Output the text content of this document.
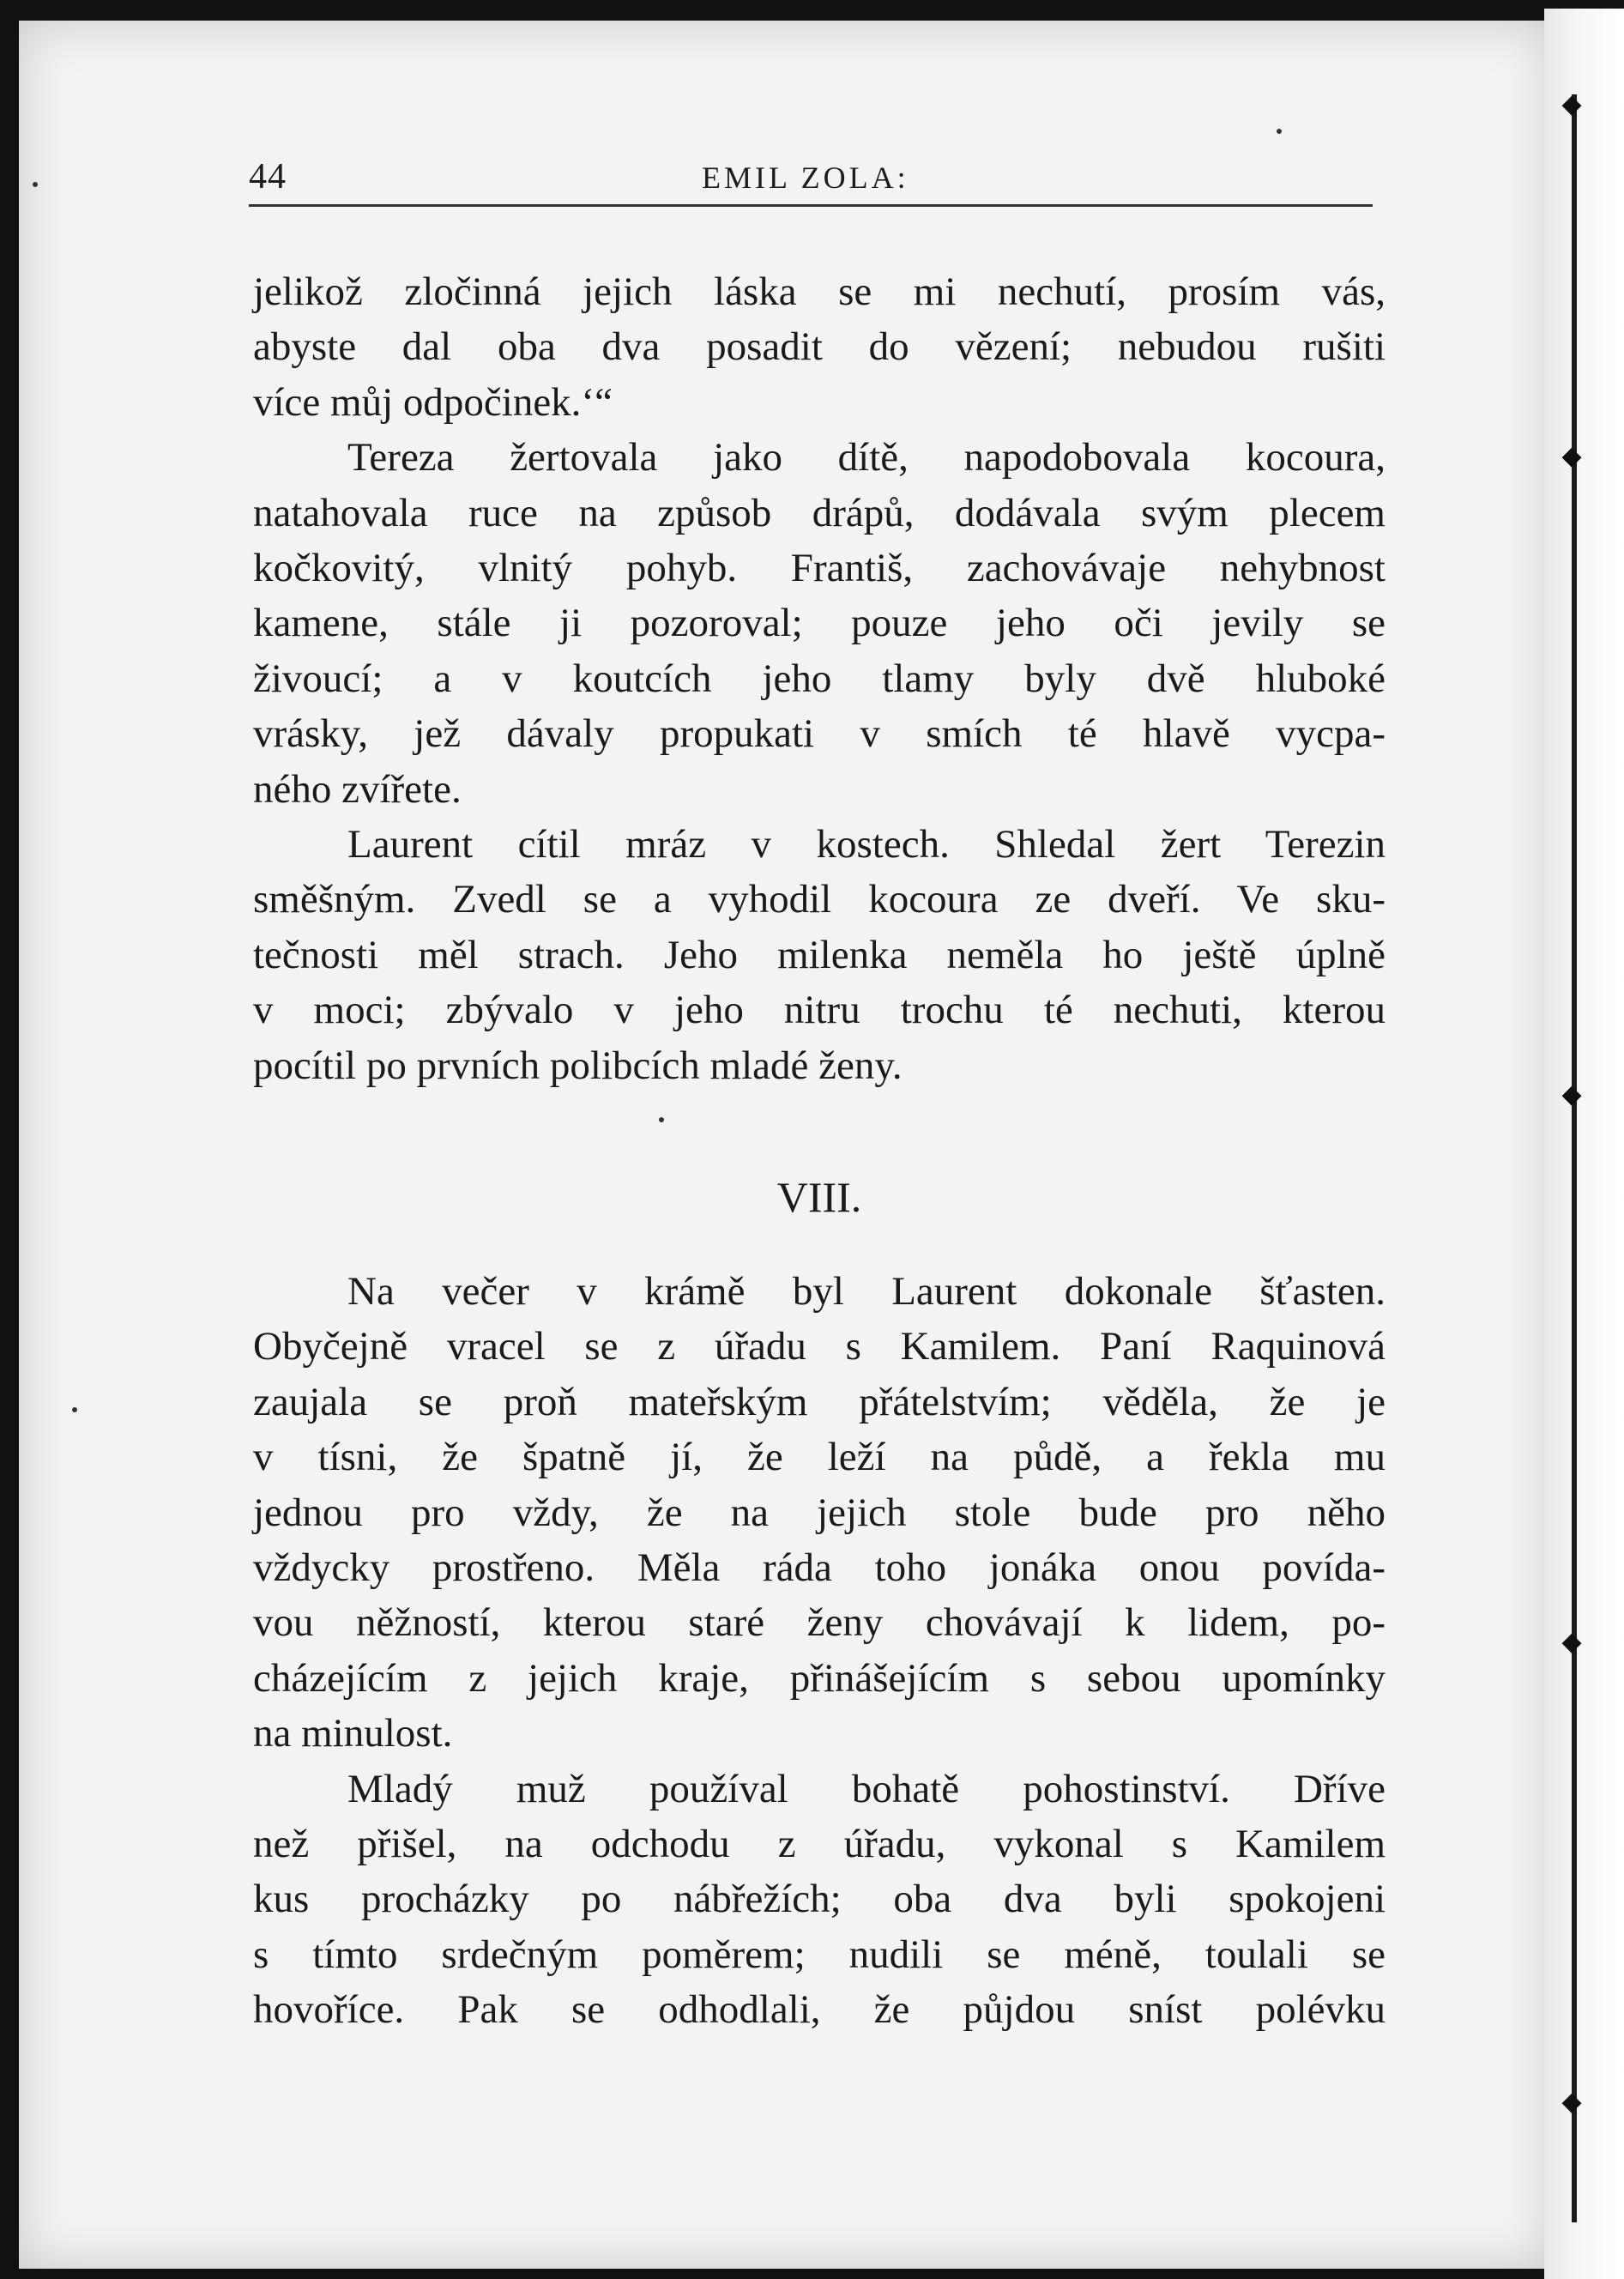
◆
◆
◆
◆
◆
44	EMIL ZOLA:
jelikož zločinná jejich láska se mi nechutí, prosím vás,
abyste dal oba dva posadit do vězení; nebudou rušiti
více můj odpočinek.‘“
Tereza žertovala jako dítě, napodobovala kocoura,
natahovala ruce na způsob drápů, dodávala svým plecem
kočkovitý, vlnitý pohyb. Františ, zachovávaje nehybnost
kamene, stále ji pozoroval; pouze jeho oči jevily se
živoucí; a v koutcích jeho tlamy byly dvě hluboké
vrásky, jež dávaly propukati v smích té hlavě vycpa-
ného zvířete.
Laurent cítil mráz v kostech. Shledal žert Terezin
směšným. Zvedl se a vyhodil kocoura ze dveří. Ve sku-
tečnosti měl strach. Jeho milenka neměla ho ještě úplně
v moci; zbývalo v jeho nitru trochu té nechuti, kterou
pocítil po prvních polibcích mladé ženy.
VIII.
Na večer v krámě byl Laurent dokonale šťasten.
Obyčejně vracel se z úřadu s Kamilem. Paní Raquinová
zaujala se proň mateřským přátelstvím; věděla, že je
v tísni, že špatně jí, že leží na půdě, a řekla mu
jednou pro vždy, že na jejich stole bude pro něho
vždycky prostřeno. Měla ráda toho jonáka onou povída-
vou něžností, kterou staré ženy chovávají k lidem, po-
cházejícím z jejich kraje, přinášejícím s sebou upomínky
na minulost.
Mladý muž používal bohatě pohostinství. Dříve
než přišel, na odchodu z úřadu, vykonal s Kamilem
kus procházky po nábřežích; oba dva byli spokojeni
s tímto srdečným poměrem; nudili se méně, toulali se
hovoříce. Pak se odhodlali, že půjdou sníst polévku
